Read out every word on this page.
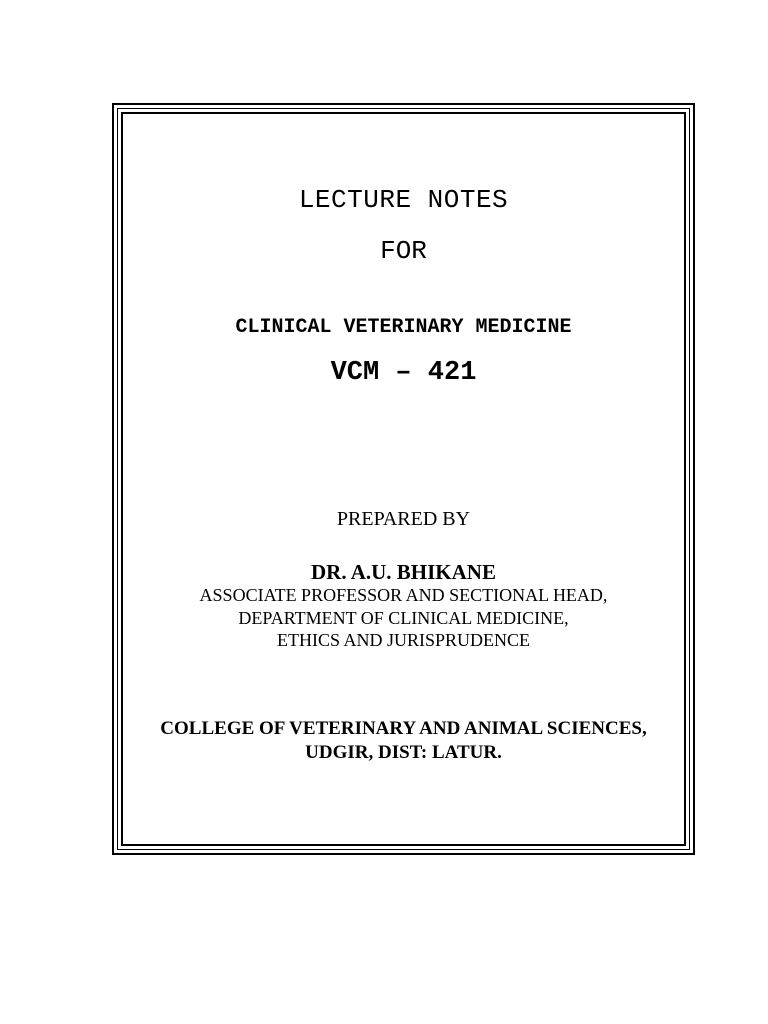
LECTURE NOTES
FOR
CLINICAL VETERINARY MEDICINE
VCM – 421
PREPARED BY
DR. A.U. BHIKANE
ASSOCIATE PROFESSOR AND SECTIONAL HEAD,
DEPARTMENT OF CLINICAL MEDICINE,
ETHICS AND JURISPRUDENCE
COLLEGE OF VETERINARY AND ANIMAL SCIENCES,
UDGIR, DIST: LATUR.
